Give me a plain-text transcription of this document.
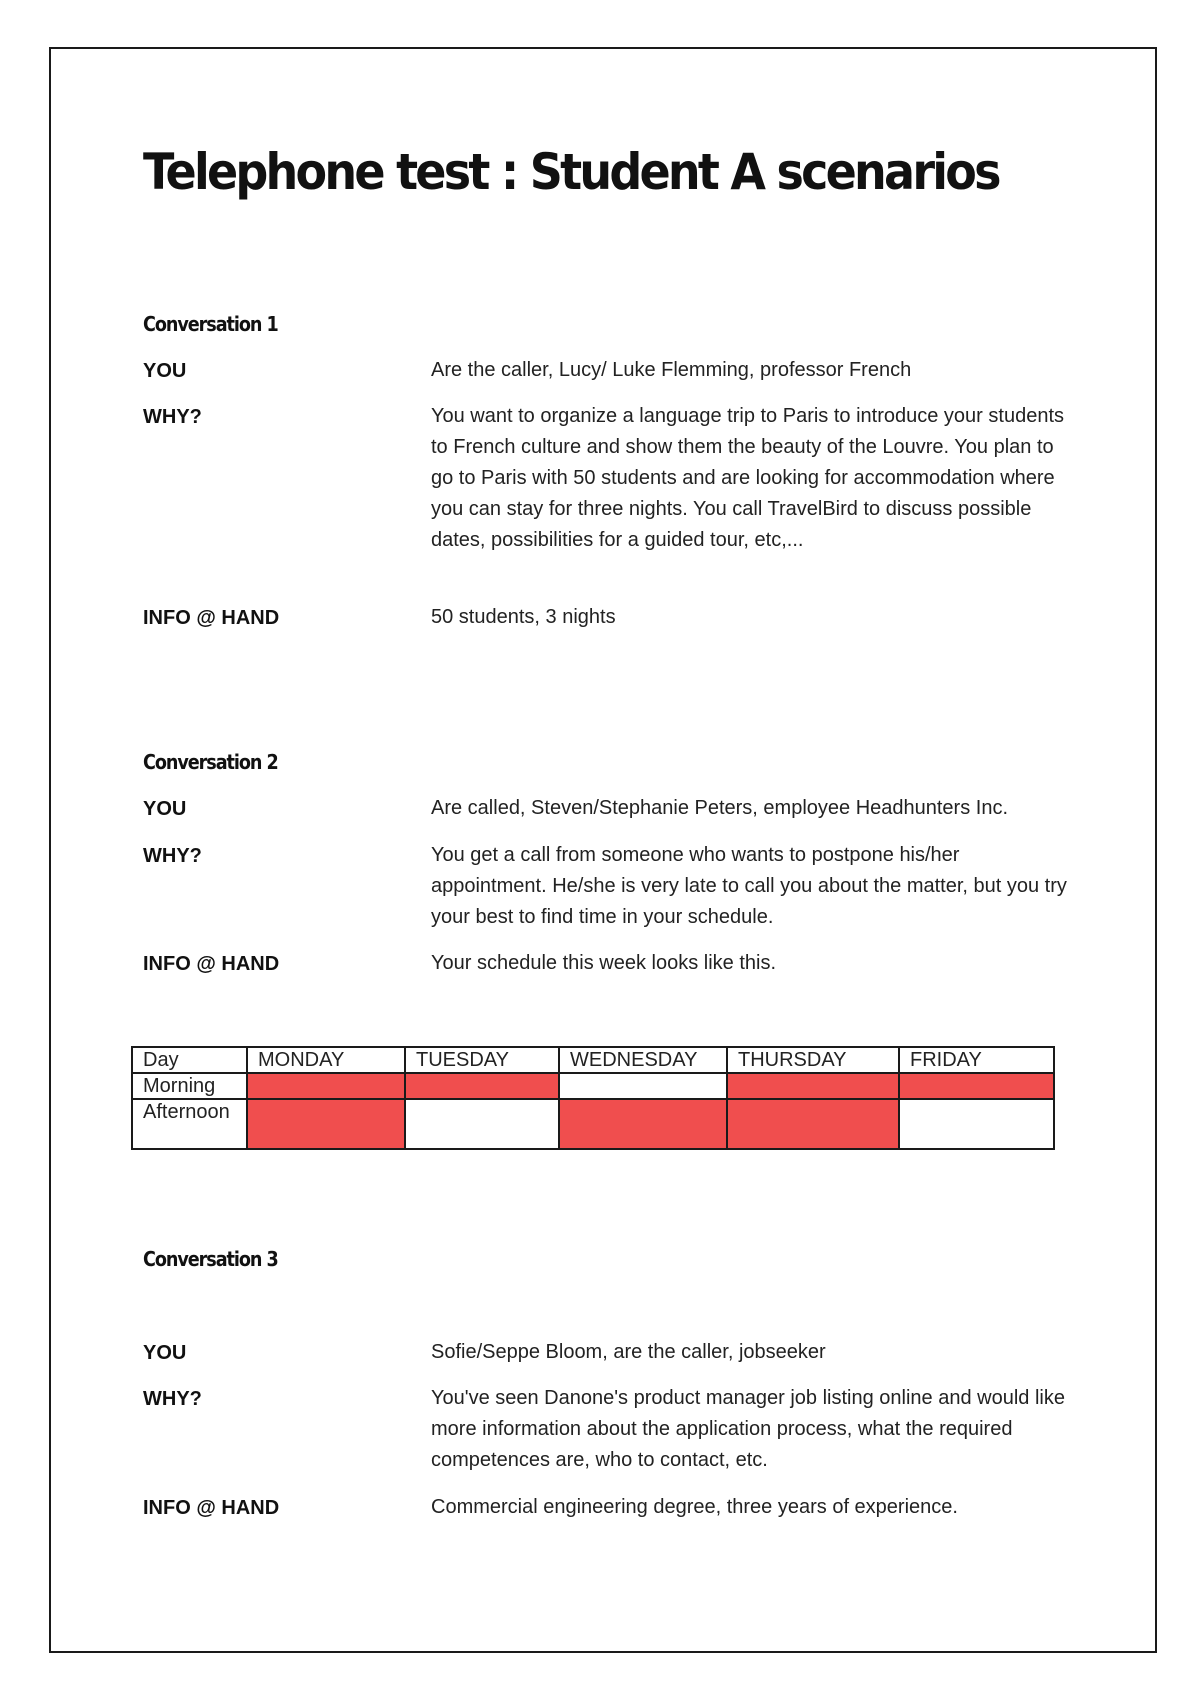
Telephone test : Student A scenarios
Conversation 1
YOU	Are the caller, Lucy/ Luke Flemming, professor French
WHY?	You want to organize a language trip to Paris to introduce your students to French culture and show them the beauty of the Louvre. You plan to go to Paris with 50 students and are looking for accommodation where you can stay for three nights. You call TravelBird to discuss possible dates, possibilities for a guided tour, etc,...
INFO @ HAND	50 students, 3 nights
Conversation 2
YOU	Are called, Steven/Stephanie Peters, employee Headhunters Inc.
WHY?	You get a call from someone who wants to postpone his/her appointment. He/she is very late to call you about the matter, but you try your best to find time in your schedule.
INFO @ HAND	Your schedule this week looks like this.
Day	MONDAY	TUESDAY	WEDNESDAY	THURSDAY	FRIDAY
Morning					
Afternoon					
Conversation 3
YOU	Sofie/Seppe Bloom, are the caller, jobseeker
WHY?	You've seen Danone's product manager job listing online and would like more information about the application process, what the required competences are, who to contact, etc.
INFO @ HAND	Commercial engineering degree, three years of experience.
